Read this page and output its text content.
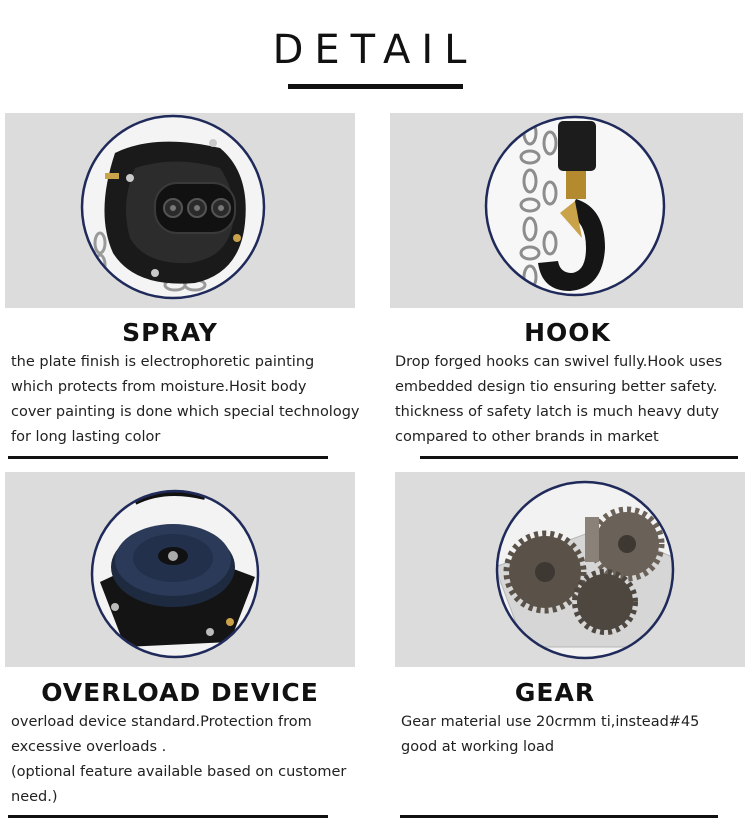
DETAIL
SPRAY
the plate finish is electrophoretic painting
which protects from moisture.Hosit body
cover painting is done which special technology
for long lasting color
HOOK
Drop forged hooks can swivel fully.Hook uses
embedded design tio ensuring better safety.
thickness of safety latch is much heavy duty
compared to other brands in market
OVERLOAD DEVICE
overload device standard.Protection from
excessive overloads .
(optional feature available based on customer
need.)
GEAR
Gear material use 20crmm ti,instead#45
good at working load
